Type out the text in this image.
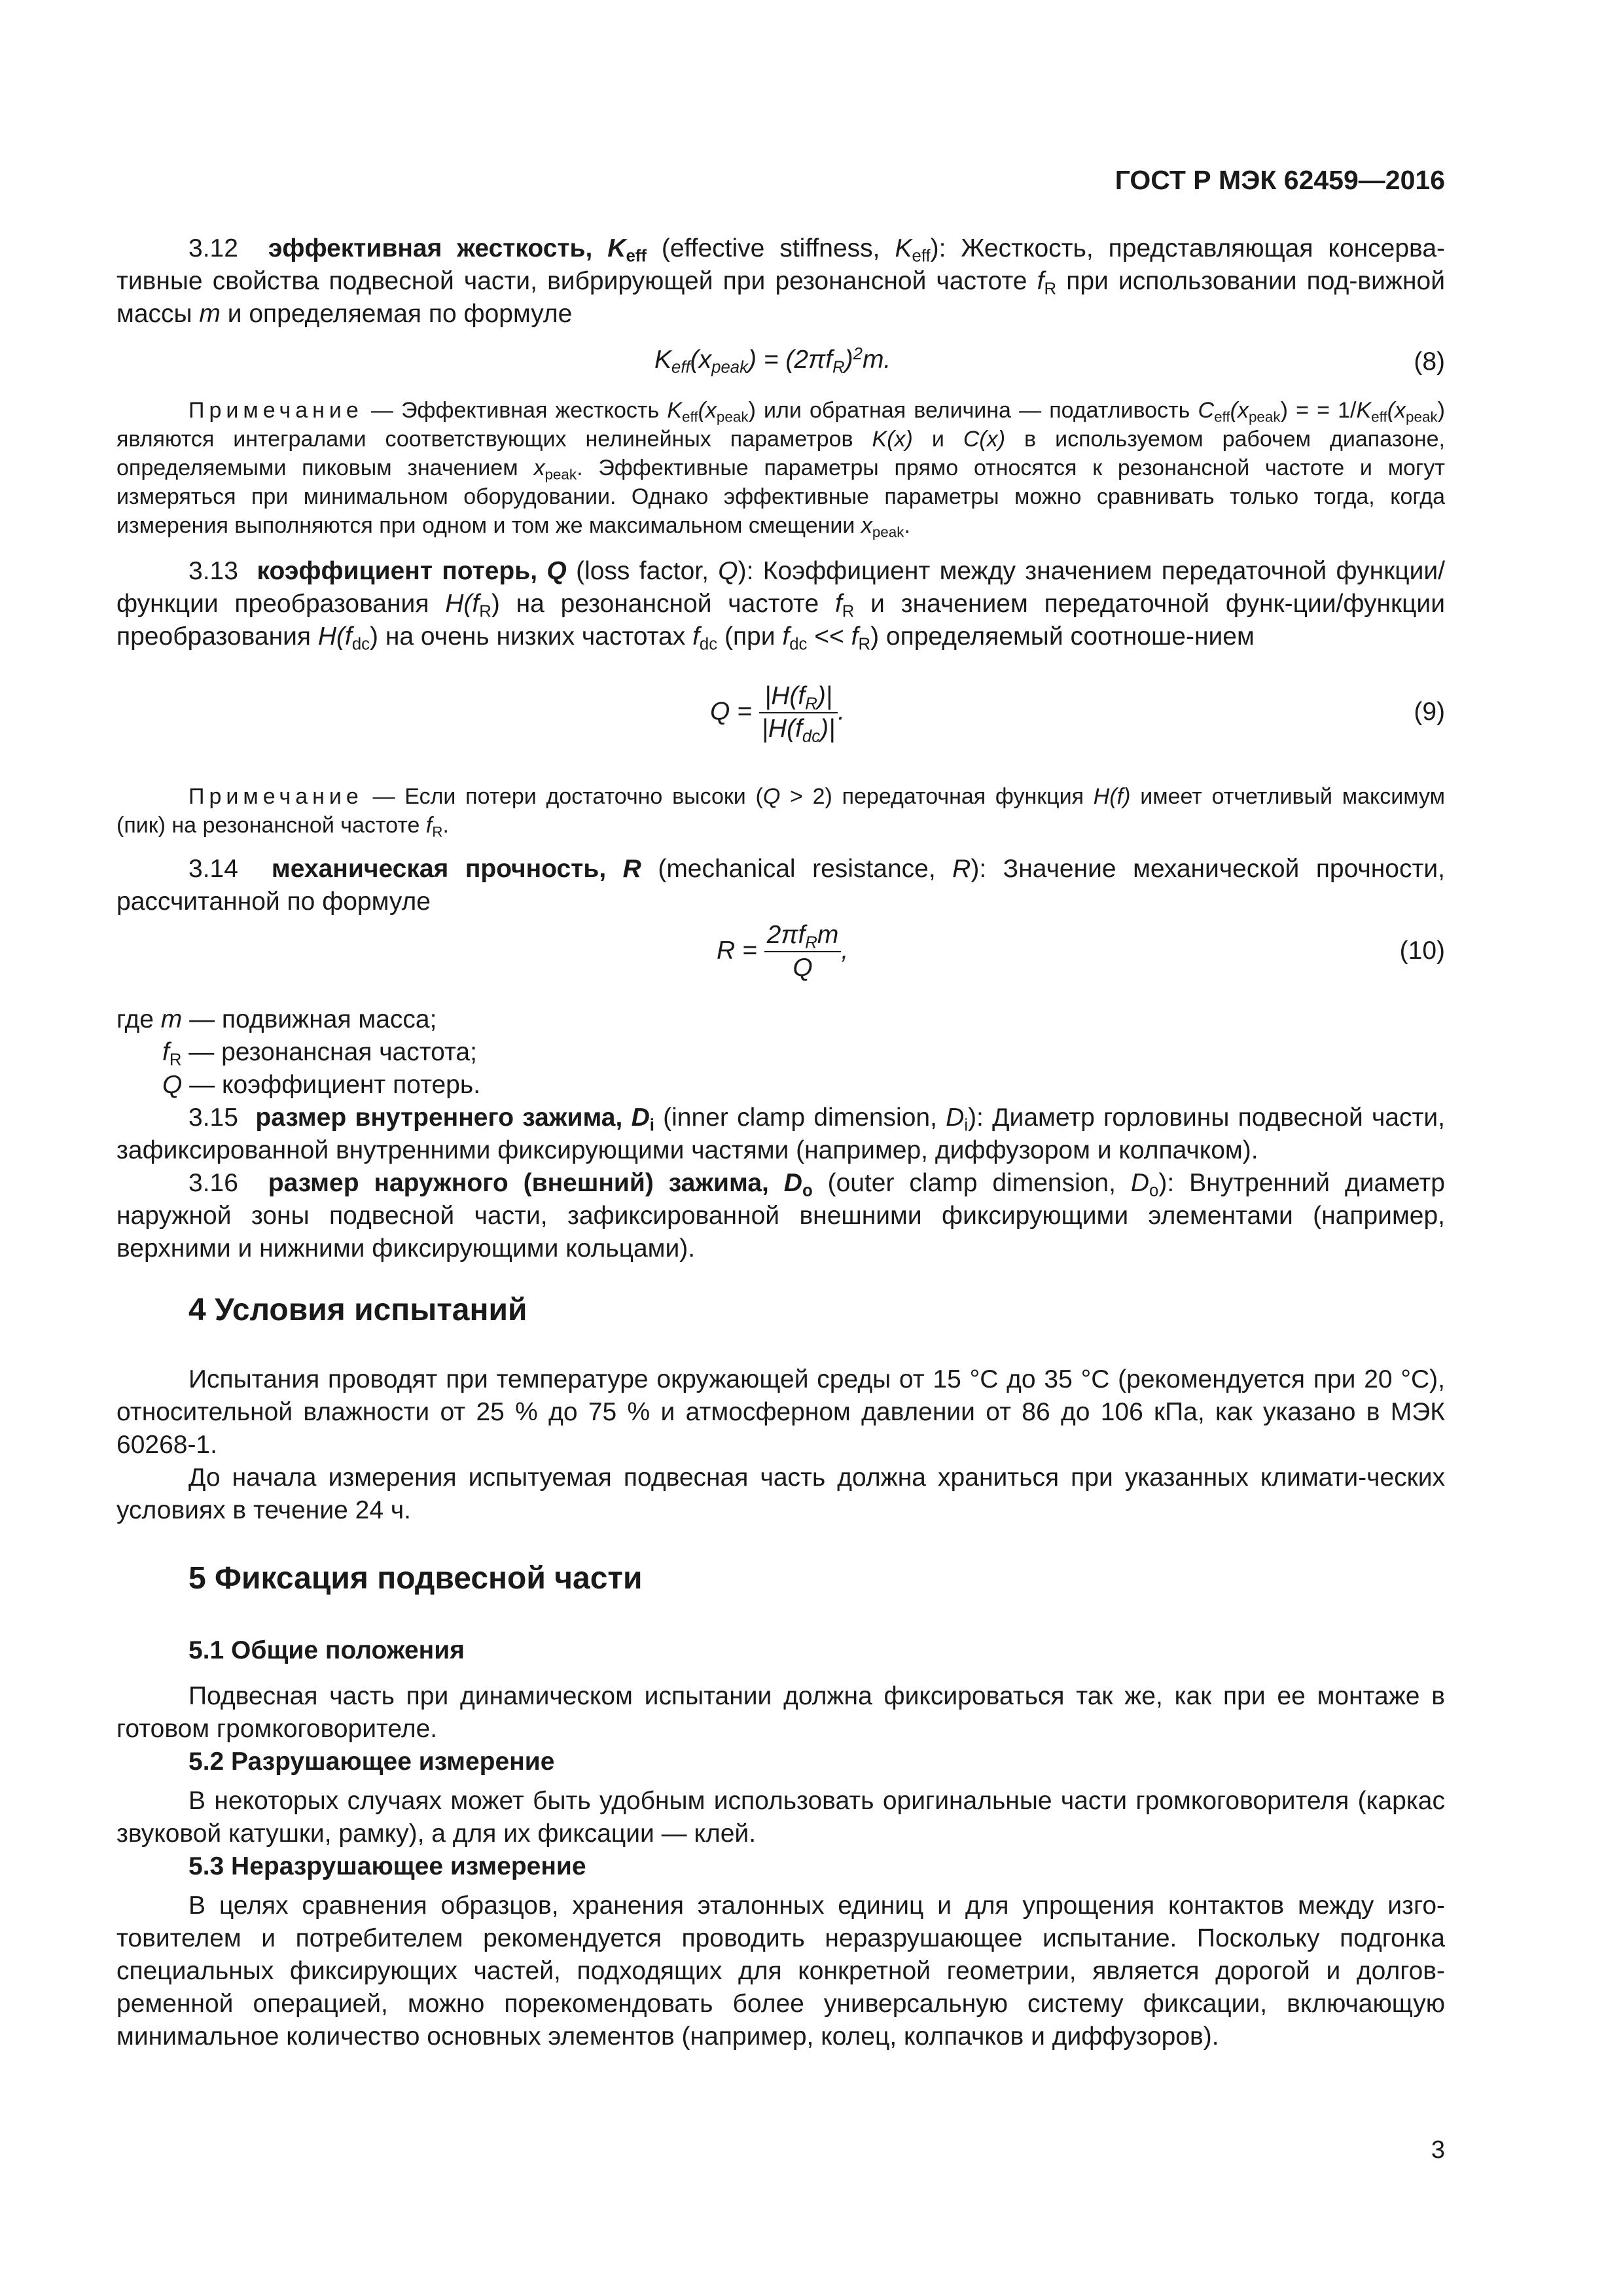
ГОСТ Р МЭК 62459—2016

3.12 эффективная жесткость, $K_{eff}$ (effective stiffness, $K_{eff}$): Жесткость, представляющая консерва-тивные свойства подвесной части, вибрирующей при резонансной частоте $f_R$ при использовании под-вижной массы m и определяемая по формуле

$K_{eff}(x_{peak}) = (2\pi f_R)^2m$.	(8)

Примечание — Эффективная жесткость $K_{eff}(x_{peak})$ или обратная величина — податливость $C_{eff}(x_{peak})$ = = $1/K_{eff}(x_{peak})$ являются интегралами соответствующих нелинейных параметров K(x) и C(x) в используемом рабочем диапазоне, определяемыми пиковым значением $x_{peak}$. Эффективные параметры прямо относятся к резонансной частоте и могут измеряться при минимальном оборудовании. Однако эффективные параметры можно сравнивать только тогда, когда измерения выполняются при одном и том же максимальном смещении $x_{peak}$.

3.13 коэффициент потерь, Q (loss factor, Q): Коэффициент между значением передаточной функции/функции преобразования $H(f_R)$ на резонансной частоте $f_R$ и значением передаточной функ-ции/функции преобразования $H(f_{dc})$ на очень низких частотах $f_{dc}$ (при $f_{dc} << f_R$) определяемый соотноше-нием

$Q = \frac{|H(f_R)|}{|H(f_{dc})|}$ .	(9)

Примечание — Если потери достаточно высоки (Q > 2) передаточная функция H(f) имеет отчетливый максимум (пик) на резонансной частоте $f_R$.

3.14 механическая прочность, R (mechanical resistance, R): Значение механической прочности, рассчитанной по формуле

$R = \frac{2\pi f_Rm}{Q}$ ,	(10)
где m — подвижная масса;
$f_R$ — резонансная частота;
Q — коэффициент потерь.

3.15 размер внутреннего зажима, $D_i$ (inner clamp dimension, $D_i$): Диаметр горловины подвесной части, зафиксированной внутренними фиксирующими частями (например, диффузором и колпачком).

3.16 размер наружного (внешний) зажима, $D_o$ (outer clamp dimension, $D_o$): Внутренний диаметр наружной зоны подвесной части, зафиксированной внешними фиксирующими элементами (например, верхними и нижними фиксирующими кольцами).

4 Условия испытаний

Испытания проводят при температуре окружающей среды от 15 °С до 35 °С (рекомендуется при 20 °С), относительной влажности от 25 % до 75 % и атмосферном давлении от 86 до 106 кПа, как указано в МЭК 60268-1.

До начала измерения испытуемая подвесная часть должна храниться при указанных климати-ческих условиях в течение 24 ч.

5 Фиксация подвесной части
5.1 Общие положения

Подвесная часть при динамическом испытании должна фиксироваться так же, как при ее монтаже в готовом громкоговорителе.

5.2 Разрушающее измерение

В некоторых случаях может быть удобным использовать оригинальные части громкоговорителя (каркас звуковой катушки, рамку), а для их фиксации — клей.

5.3 Неразрушающее измерение

В целях сравнения образцов, хранения эталонных единиц и для упрощения контактов между изго-товителем и потребителем рекомендуется проводить неразрушающее испытание. Поскольку подгонка специальных фиксирующих частей, подходящих для конкретной геометрии, является дорогой и долгов-ременной операцией, можно порекомендовать более универсальную систему фиксации, включающую минимальное количество основных элементов (например, колец, колпачков и диффузоров).

3
